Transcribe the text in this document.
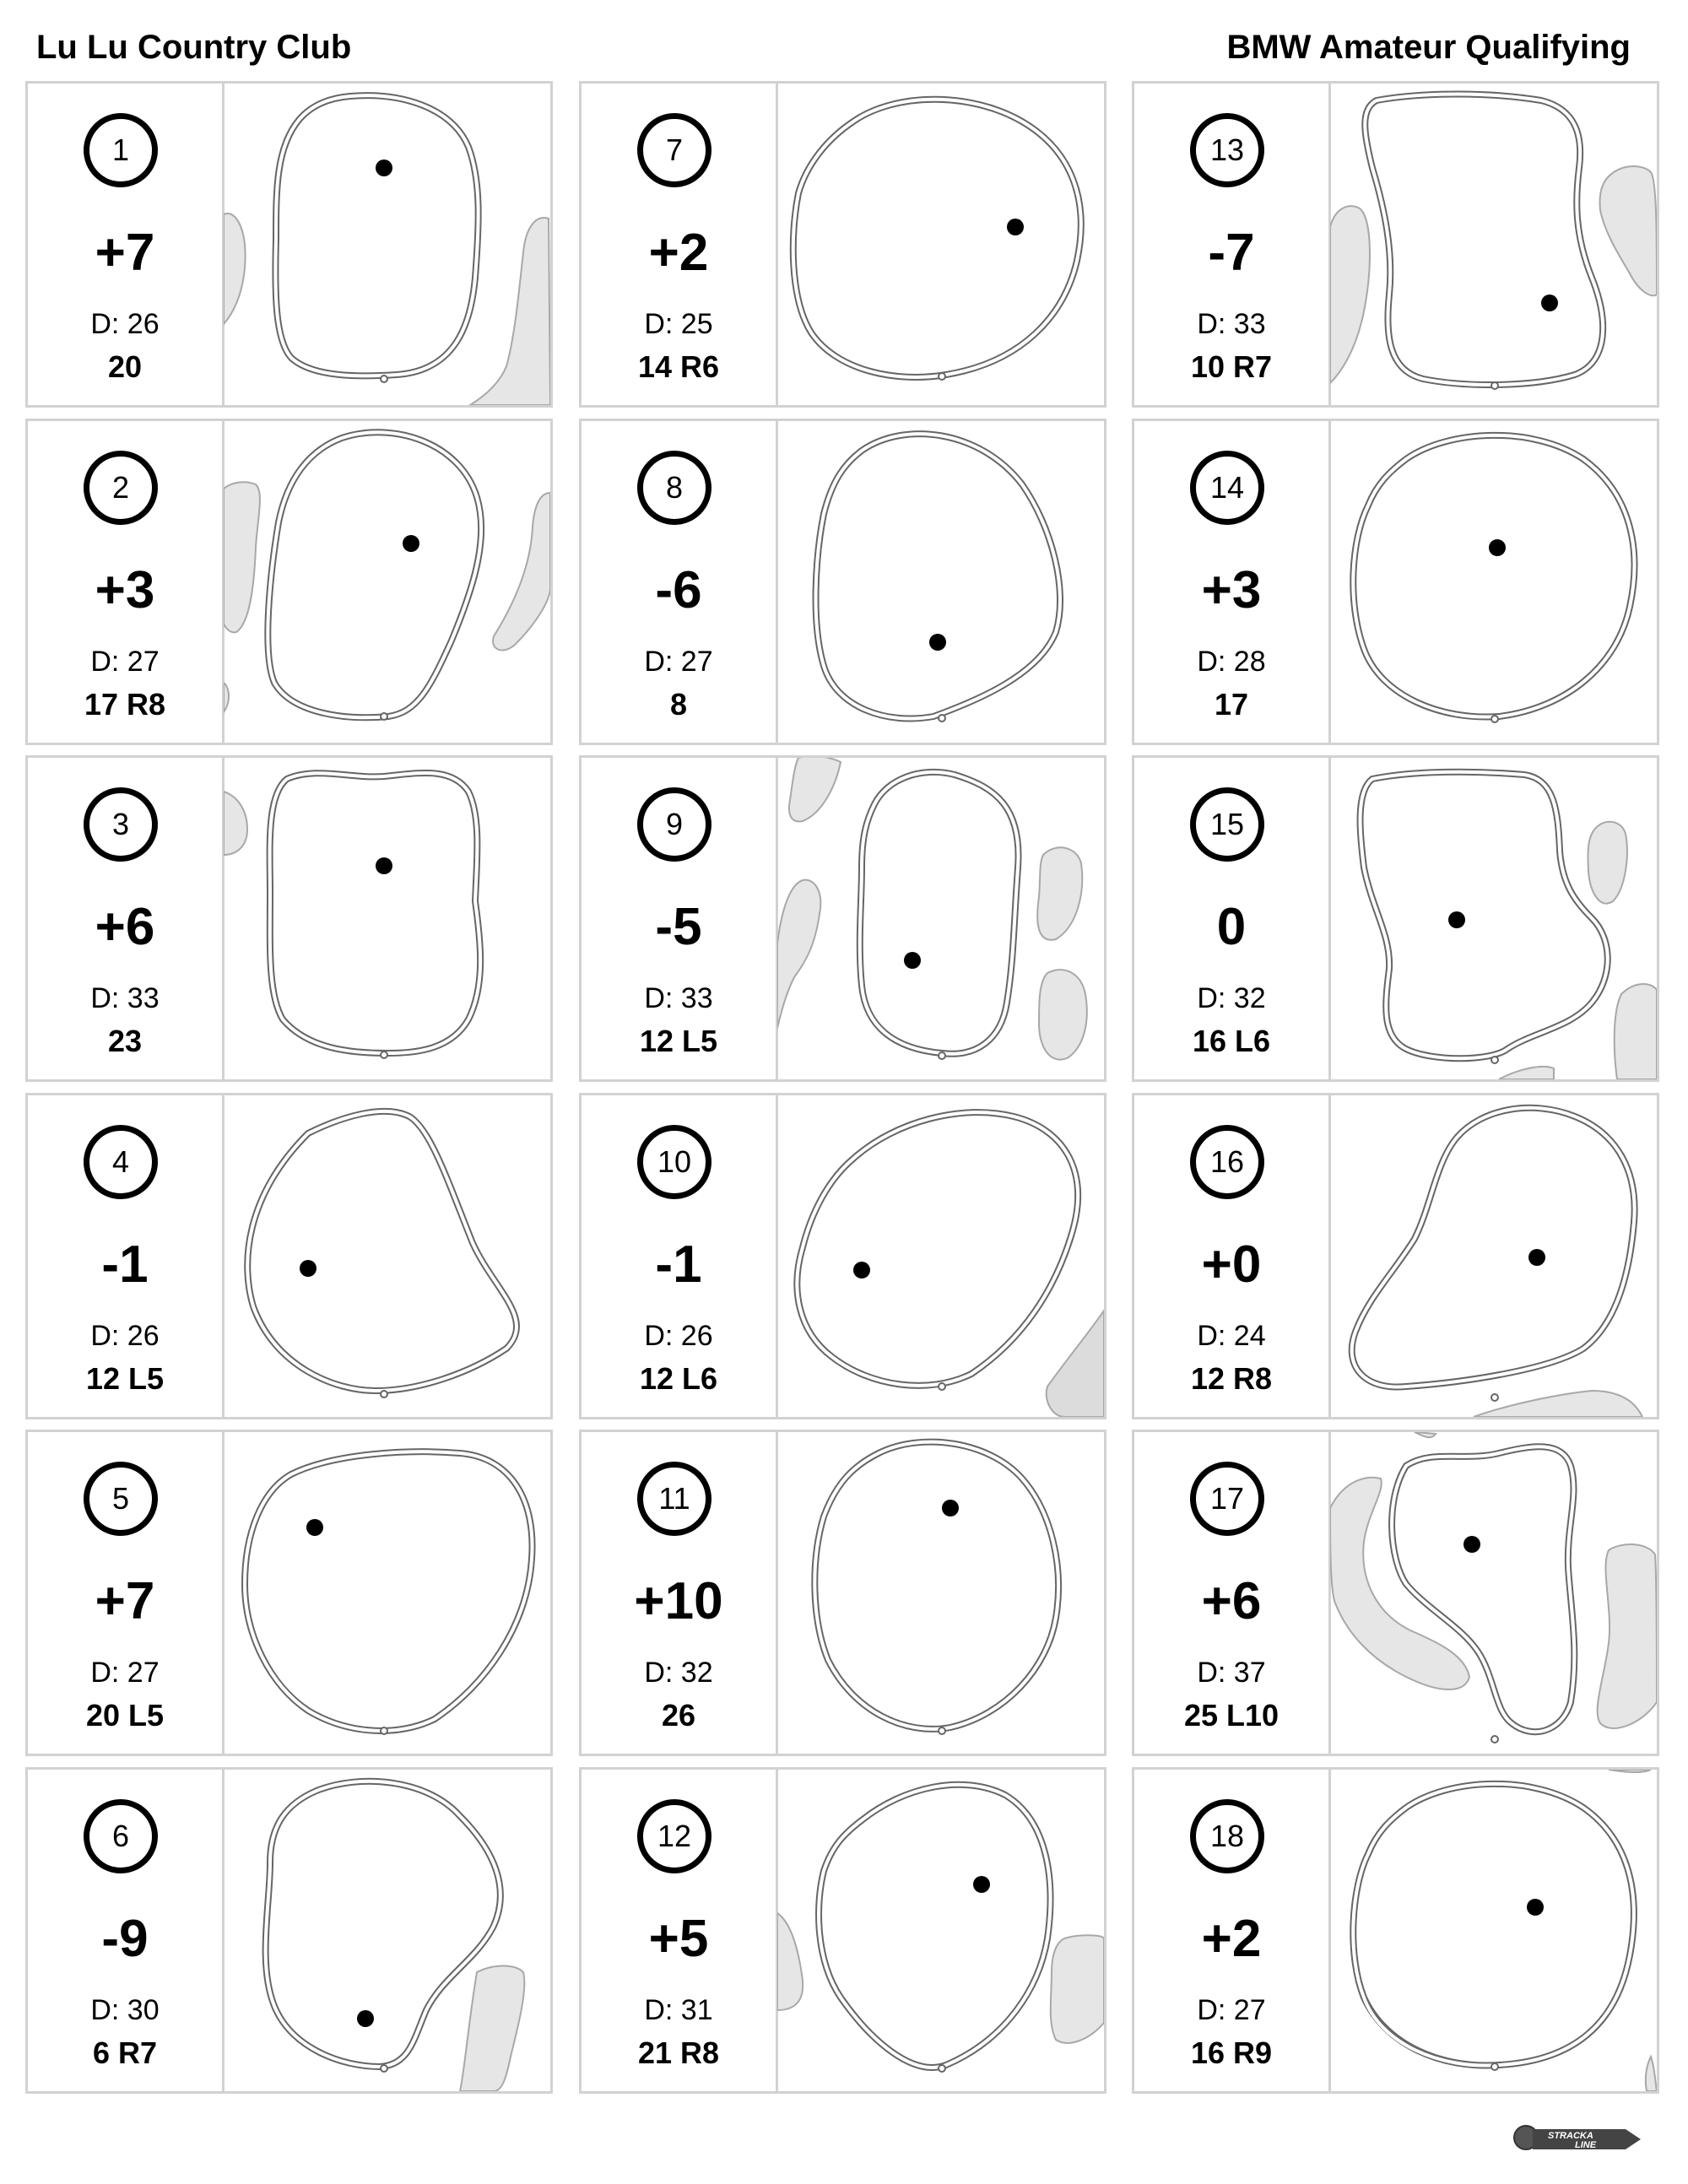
Lu Lu Country Club	BMW Amateur Qualifying
1
+7
D: 26
20
2
+3
D: 27
17 R8
3
+6
D: 33
23
4
-1
D: 26
12 L5
5
+7
D: 27
20 L5
6
-9
D: 30
6 R7
7
+2
D: 25
14 R6
8
-6
D: 27
8
9
-5
D: 33
12 L5
10
-1
D: 26
12 L6
11
+10
D: 32
26
12
+5
D: 31
21 R8
13
-7
D: 33
10 R7
14
+3
D: 28
17
15
0
D: 32
16 L6
16
+0
D: 24
12 R8
17
+6
D: 37
25 L10
18
+2
D: 27
16 R9
STRACKA
LINE
